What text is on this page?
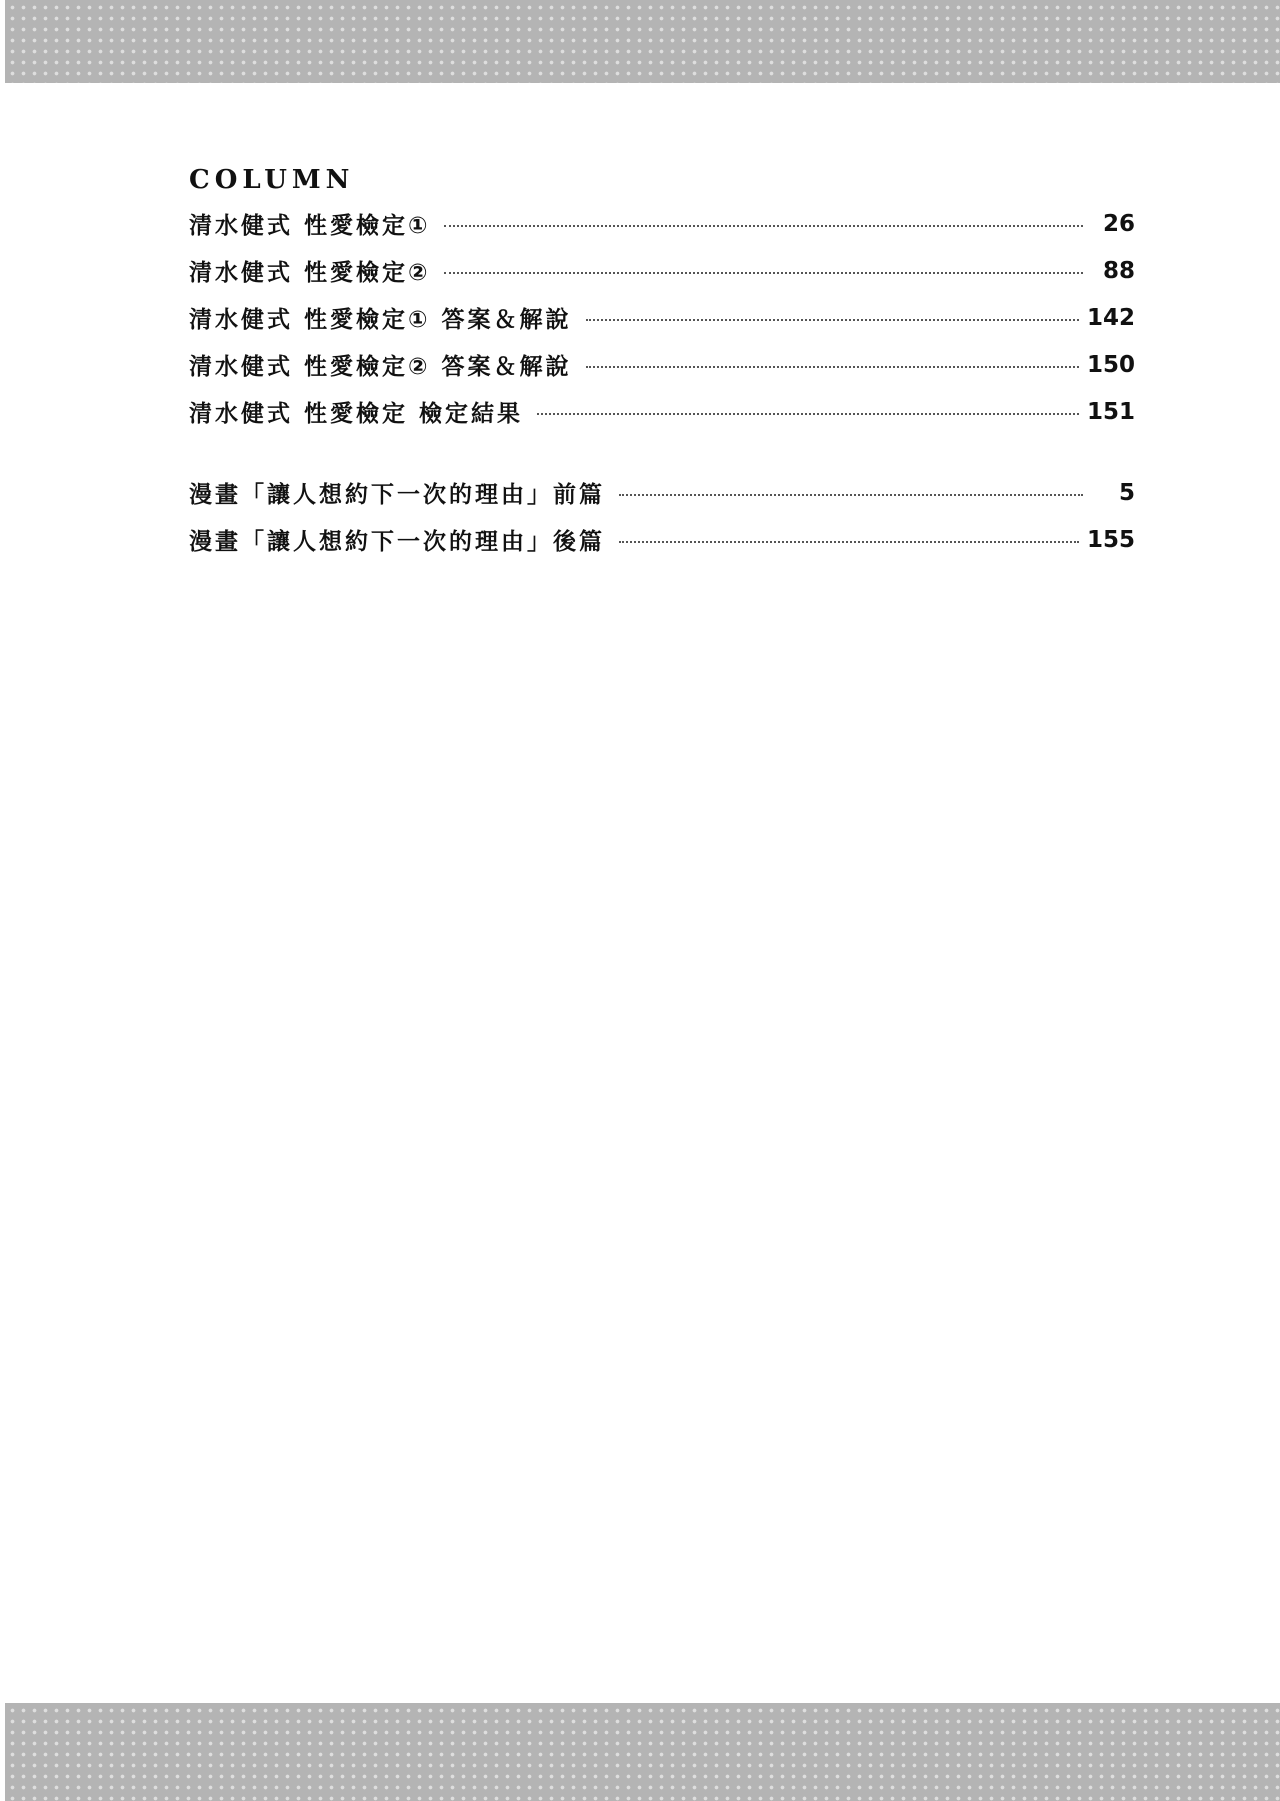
COLUMN
清水健式 性愛檢定①	26
清水健式 性愛檢定②	88
清水健式 性愛檢定① 答案＆解說	142
清水健式 性愛檢定② 答案＆解說	150
清水健式 性愛檢定 檢定結果	151
漫畫「讓人想約下一次的理由」前篇	5
漫畫「讓人想約下一次的理由」後篇	155
